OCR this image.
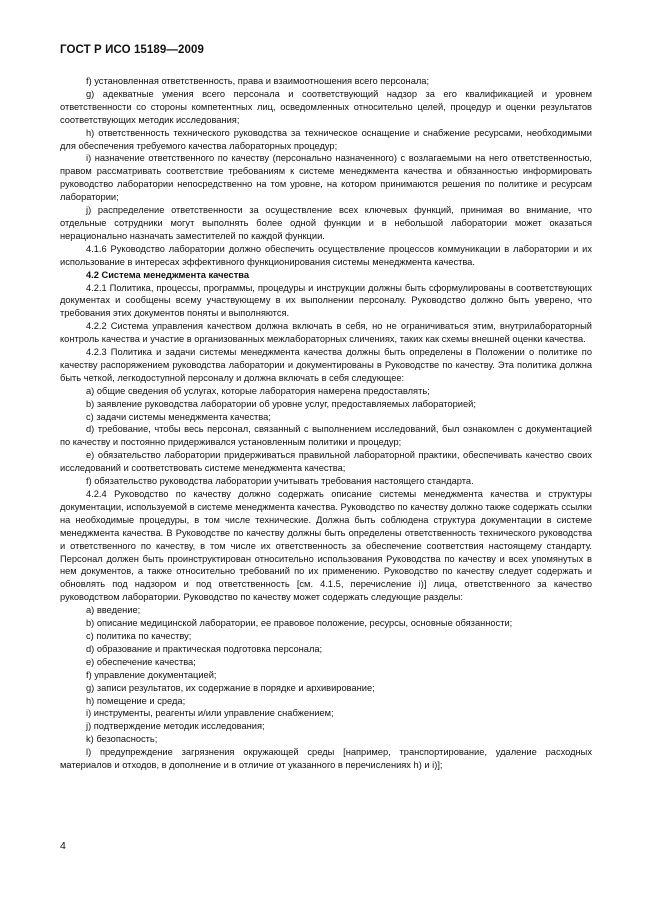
ГОСТ Р ИСО 15189—2009

f) установленная ответственность, права и взаимоотношения всего персонала;

g) адекватные умения всего персонала и соответствующий надзор за его квалификацией и уровнем ответственности со стороны компетентных лиц, осведомленных относительно целей, процедур и оценки результатов соответствующих методик исследования;

h) ответственность технического руководства за техническое оснащение и снабжение ресурсами, необходимыми для обеспечения требуемого качества лабораторных процедур;

i) назначение ответственного по качеству (персонально назначенного) с возлагаемыми на него ответственностью, правом рассматривать соответствие требованиям к системе менеджмента качества и обязанностью информировать руководство лаборатории непосредственно на том уровне, на котором принимаются решения по политике и ресурсам лаборатории;

j) распределение ответственности за осуществление всех ключевых функций, принимая во внимание, что отдельные сотрудники могут выполнять более одной функции и в небольшой лаборатории может оказаться нерационально назначать заместителей по каждой функции.

4.1.6 Руководство лаборатории должно обеспечить осуществление процессов коммуникации в лаборатории и их использование в интересах эффективного функционирования системы менеджмента качества.

4.2 Система менеджмента качества

4.2.1 Политика, процессы, программы, процедуры и инструкции должны быть сформулированы в соответствующих документах и сообщены всему участвующему в их выполнении персоналу. Руководство должно быть уверено, что требования этих документов поняты и выполняются.

4.2.2 Система управления качеством должна включать в себя, но не ограничиваться этим, внутрилабораторный контроль качества и участие в организованных межлабораторных сличениях, таких как схемы внешней оценки качества.

4.2.3 Политика и задачи системы менеджмента качества должны быть определены в Положении о политике по качеству распоряжением руководства лаборатории и документированы в Руководстве по качеству. Эта политика должна быть четкой, легкодоступной персоналу и должна включать в себя следующее:

a) общие сведения об услугах, которые лаборатория намерена предоставлять;

b) заявление руководства лаборатории об уровне услуг, предоставляемых лабораторией;

c) задачи системы менеджмента качества;

d) требование, чтобы весь персонал, связанный с выполнением исследований, был ознакомлен с документацией по качеству и постоянно придерживался установленным политики и процедур;

e) обязательство лаборатории придерживаться правильной лабораторной практики, обеспечивать качество своих исследований и соответствовать системе менеджмента качества;

f) обязательство руководства лаборатории учитывать требования настоящего стандарта.

4.2.4 Руководство по качеству должно содержать описание системы менеджмента качества и структуры документации, используемой в системе менеджмента качества. Руководство по качеству должно также содержать ссылки на необходимые процедуры, в том числе технические. Должна быть соблюдена структура документации в системе менеджмента качества. В Руководстве по качеству должны быть определены ответственность технического руководства и ответственного по качеству, в том числе их ответственность за обеспечение соответствия настоящему стандарту. Персонал должен быть проинструктирован относительно использования Руководства по качеству и всех упомянутых в нем документов, а также относительно требований по их применению. Руководство по качеству следует содержать и обновлять под надзором и под ответственность [см. 4.1.5, перечисление i)] лица, ответственного за качество руководством лаборатории. Руководство по качеству может содержать следующие разделы:

a) введение;

b) описание медицинской лаборатории, ее правовое положение, ресурсы, основные обязанности;

c) политика по качеству;

d) образование и практическая подготовка персонала;

e) обеспечение качества;

f) управление документацией;

g) записи результатов, их содержание в порядке и архивирование;

h) помещение и среда;

i) инструменты, реагенты и/или управление снабжением;

j) подтверждение методик исследования;

k) безопасность;

l) предупреждение загрязнения окружающей среды [например, транспортирование, удаление расходных материалов и отходов, в дополнение и в отличие от указанного в перечислениях h) и i)];

4
